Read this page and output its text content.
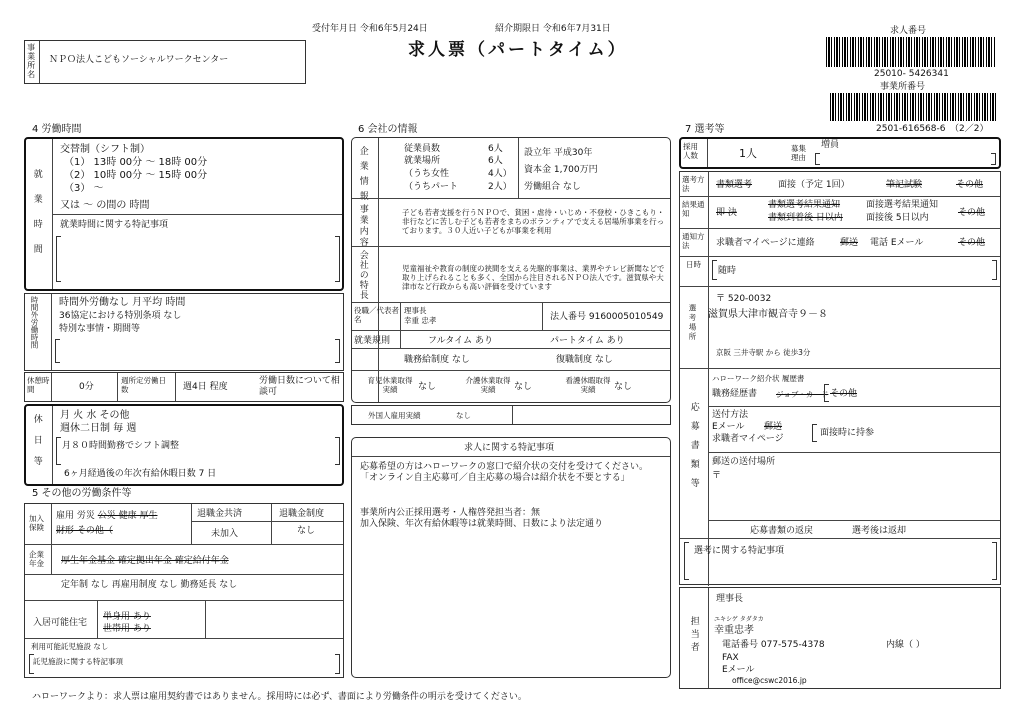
受付年月日 令和6年5月24日	紹介期限日 令和6年7月31日
求人票（パートタイム）
求人番号
25010- 5426341
事業所番号
2501-616568-6 （2／2）
事業所名 ＮＰＯ法人こどもソーシャルワークセンター
4 労働時間
就業時間
交替制（シフト制）
（1） 13時 00分 〜 18時 00分
（2） 10時 00分 〜 15時 00分
（3） 〜
又は 〜 の間の 時間
就業時間に関する特記事項
時間外労働時間 時間外労働なし 月平均 時間
36協定における特別条項 なし
特別な事情・期間等
休憩時間	0分
週所定労働日数	週4日 程度
労働日数について相談可
休日等 月 火 水 その他
週休二日制 毎 週
月８０時間勤務でシフト調整
6ヶ月経過後の年次有給休暇日数 7 日
5 その他の労働条件等
加入保険
雇用 労災 公災 健康 厚生
財形 その他（
退職金共済
未加入
退職金制度
なし
企業年金	厚生年金基金 確定拠出年金 確定給付年金
定年制 なし 再雇用制度 なし 勤務延長 なし
入居可能住宅
単身用 あり
世帯用 あり
利用可能託児施設 なし
託児施設に関する特記事項
6 会社の情報
企業情報	従業員数	6人
就業場所	6人
（うち女性	4人）
（うちパート	2人）
設立年 平成30年
資本金 1,700万円
労働組合 なし
事業内容	子ども若者支援を行うＮＰＯで、貧困・虐待・いじめ・不登校・ひきこもり・非行などに苦しむ子ども若者をまちのボランティアで支える居場所事業を行っております。３０人近い子どもが事業を利用
会社の特長	児童福祉や教育の制度の狭間を支える先駆的事業は、業界やテレビ新聞などで取り上げられることも多く、全国から注目されるＮＰＯ法人です。滋賀県や大津市など行政からも高い評価を受けています
役職／代表者名
理事長
幸重 忠孝	法人番号 9160005010549
就業規則	フルタイム あり	パートタイム あり
職務給制度 なし	復職制度 なし
育児休業取得実績	なし
介護休業取得実績	なし
看護休暇取得実績	なし
外国人雇用実績	なし
求人に関する特記事項
応募希望の方はハローワークの窓口で紹介状の交付を受けてください。
「オンライン自主応募可／自主応募の場合は紹介状を不要とする」
事業所内公正採用選考・人権啓発担当者：無
加入保険、年次有給休暇等は就業時間、日数により法定通り
7 選考等
採用人数	1人	募集理由
増員
選考方法	書類選考	面接（予定 1回）	筆記試験	その他
結果通知	即 決
書類選考結果通知
書類到着後 日以内
面接選考結果通知
面接後 5日以内	その他
通知方法	求職者マイページに連絡	郵送 電話 Eメール	その他
日時
随時
選考場所
〒 520-0032
滋賀県大津市観音寺９－８
京阪 三井寺駅 から 徒歩3分
応募書類等
ハローワーク紹介状 履歴書
職務経歴書	ジョブ・カード その他
送付方法
Eメール 郵送
求職者マイページ
面接時に持参
郵送の送付場所
〒
応募書類の返戻	選考後は返却
選考に関する特記事項
担当者
理事長
ユキシゲ タダタカ
幸重忠孝
電話番号 077-575-4378	内線（ ）
FAX
Eメール
office@cswc2016.jp
ハローワークより：求人票は雇用契約書ではありません。採用時には必ず、書面により労働条件の明示を受けてください。
